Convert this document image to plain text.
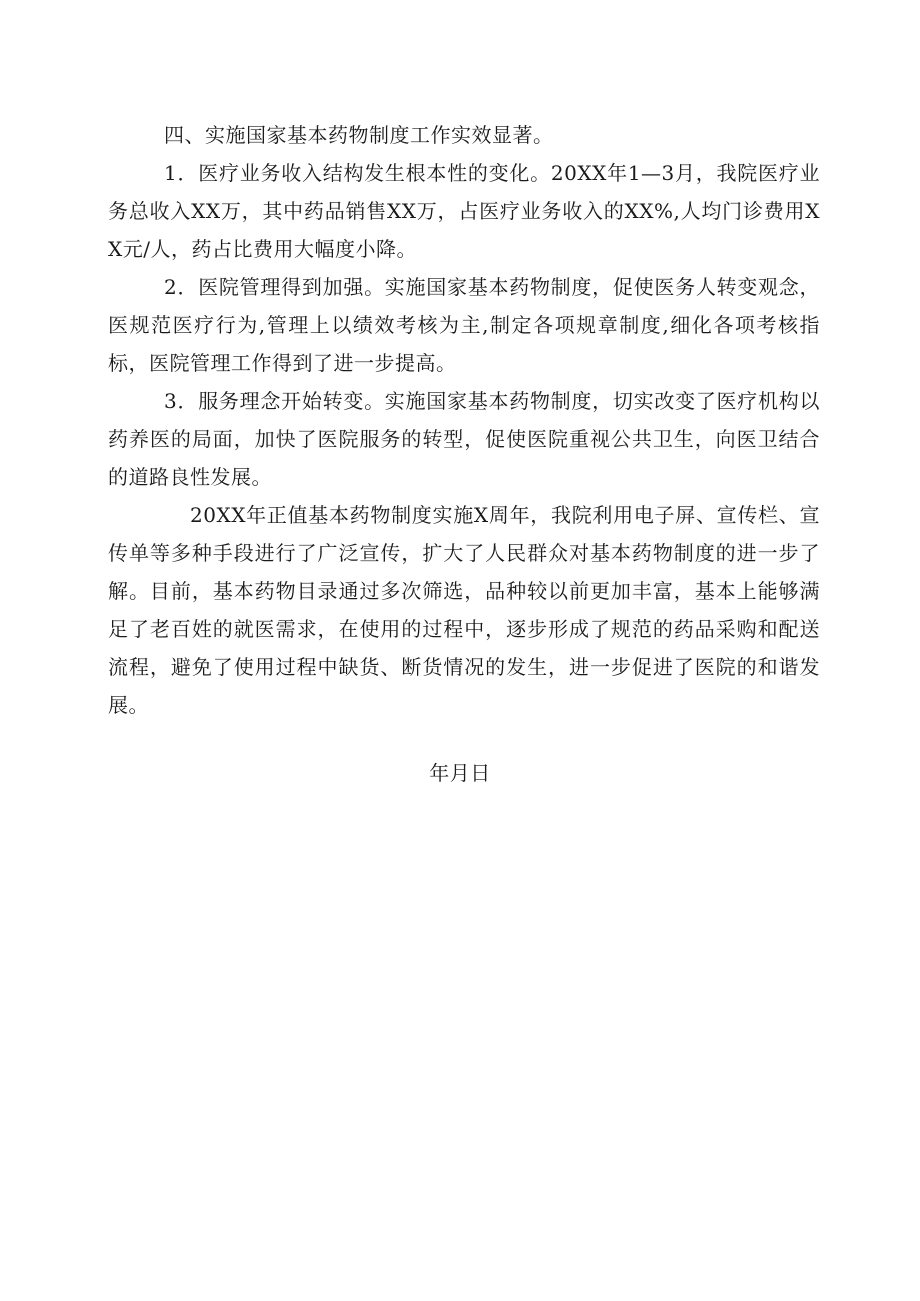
四、实施国家基本药物制度工作实效显著。

1．医疗业务收入结构发生根本性的变化。20XX年1—3月，我院医疗业务总收入XX万，其中药品销售XX万，占医疗业务收入的XX%,人均门诊费用XX元/人，药占比费用大幅度小降。

2．医院管理得到加强。实施国家基本药物制度，促使医务人转变观念，医规范医疗行为,管理上以绩效考核为主,制定各项规章制度,细化各项考核指标，医院管理工作得到了进一步提高。

3．服务理念开始转变。实施国家基本药物制度，切实改变了医疗机构以药养医的局面，加快了医院服务的转型，促使医院重视公共卫生，向医卫结合的道路良性发展。

20XX年正值基本药物制度实施X周年，我院利用电子屏、宣传栏、宣传单等多种手段进行了广泛宣传，扩大了人民群众对基本药物制度的进一步了解。目前，基本药物目录通过多次筛选，品种较以前更加丰富，基本上能够满足了老百姓的就医需求，在使用的过程中，逐步形成了规范的药品采购和配送流程，避免了使用过程中缺货、断货情况的发生，进一步促进了医院的和谐发展。

年月日
